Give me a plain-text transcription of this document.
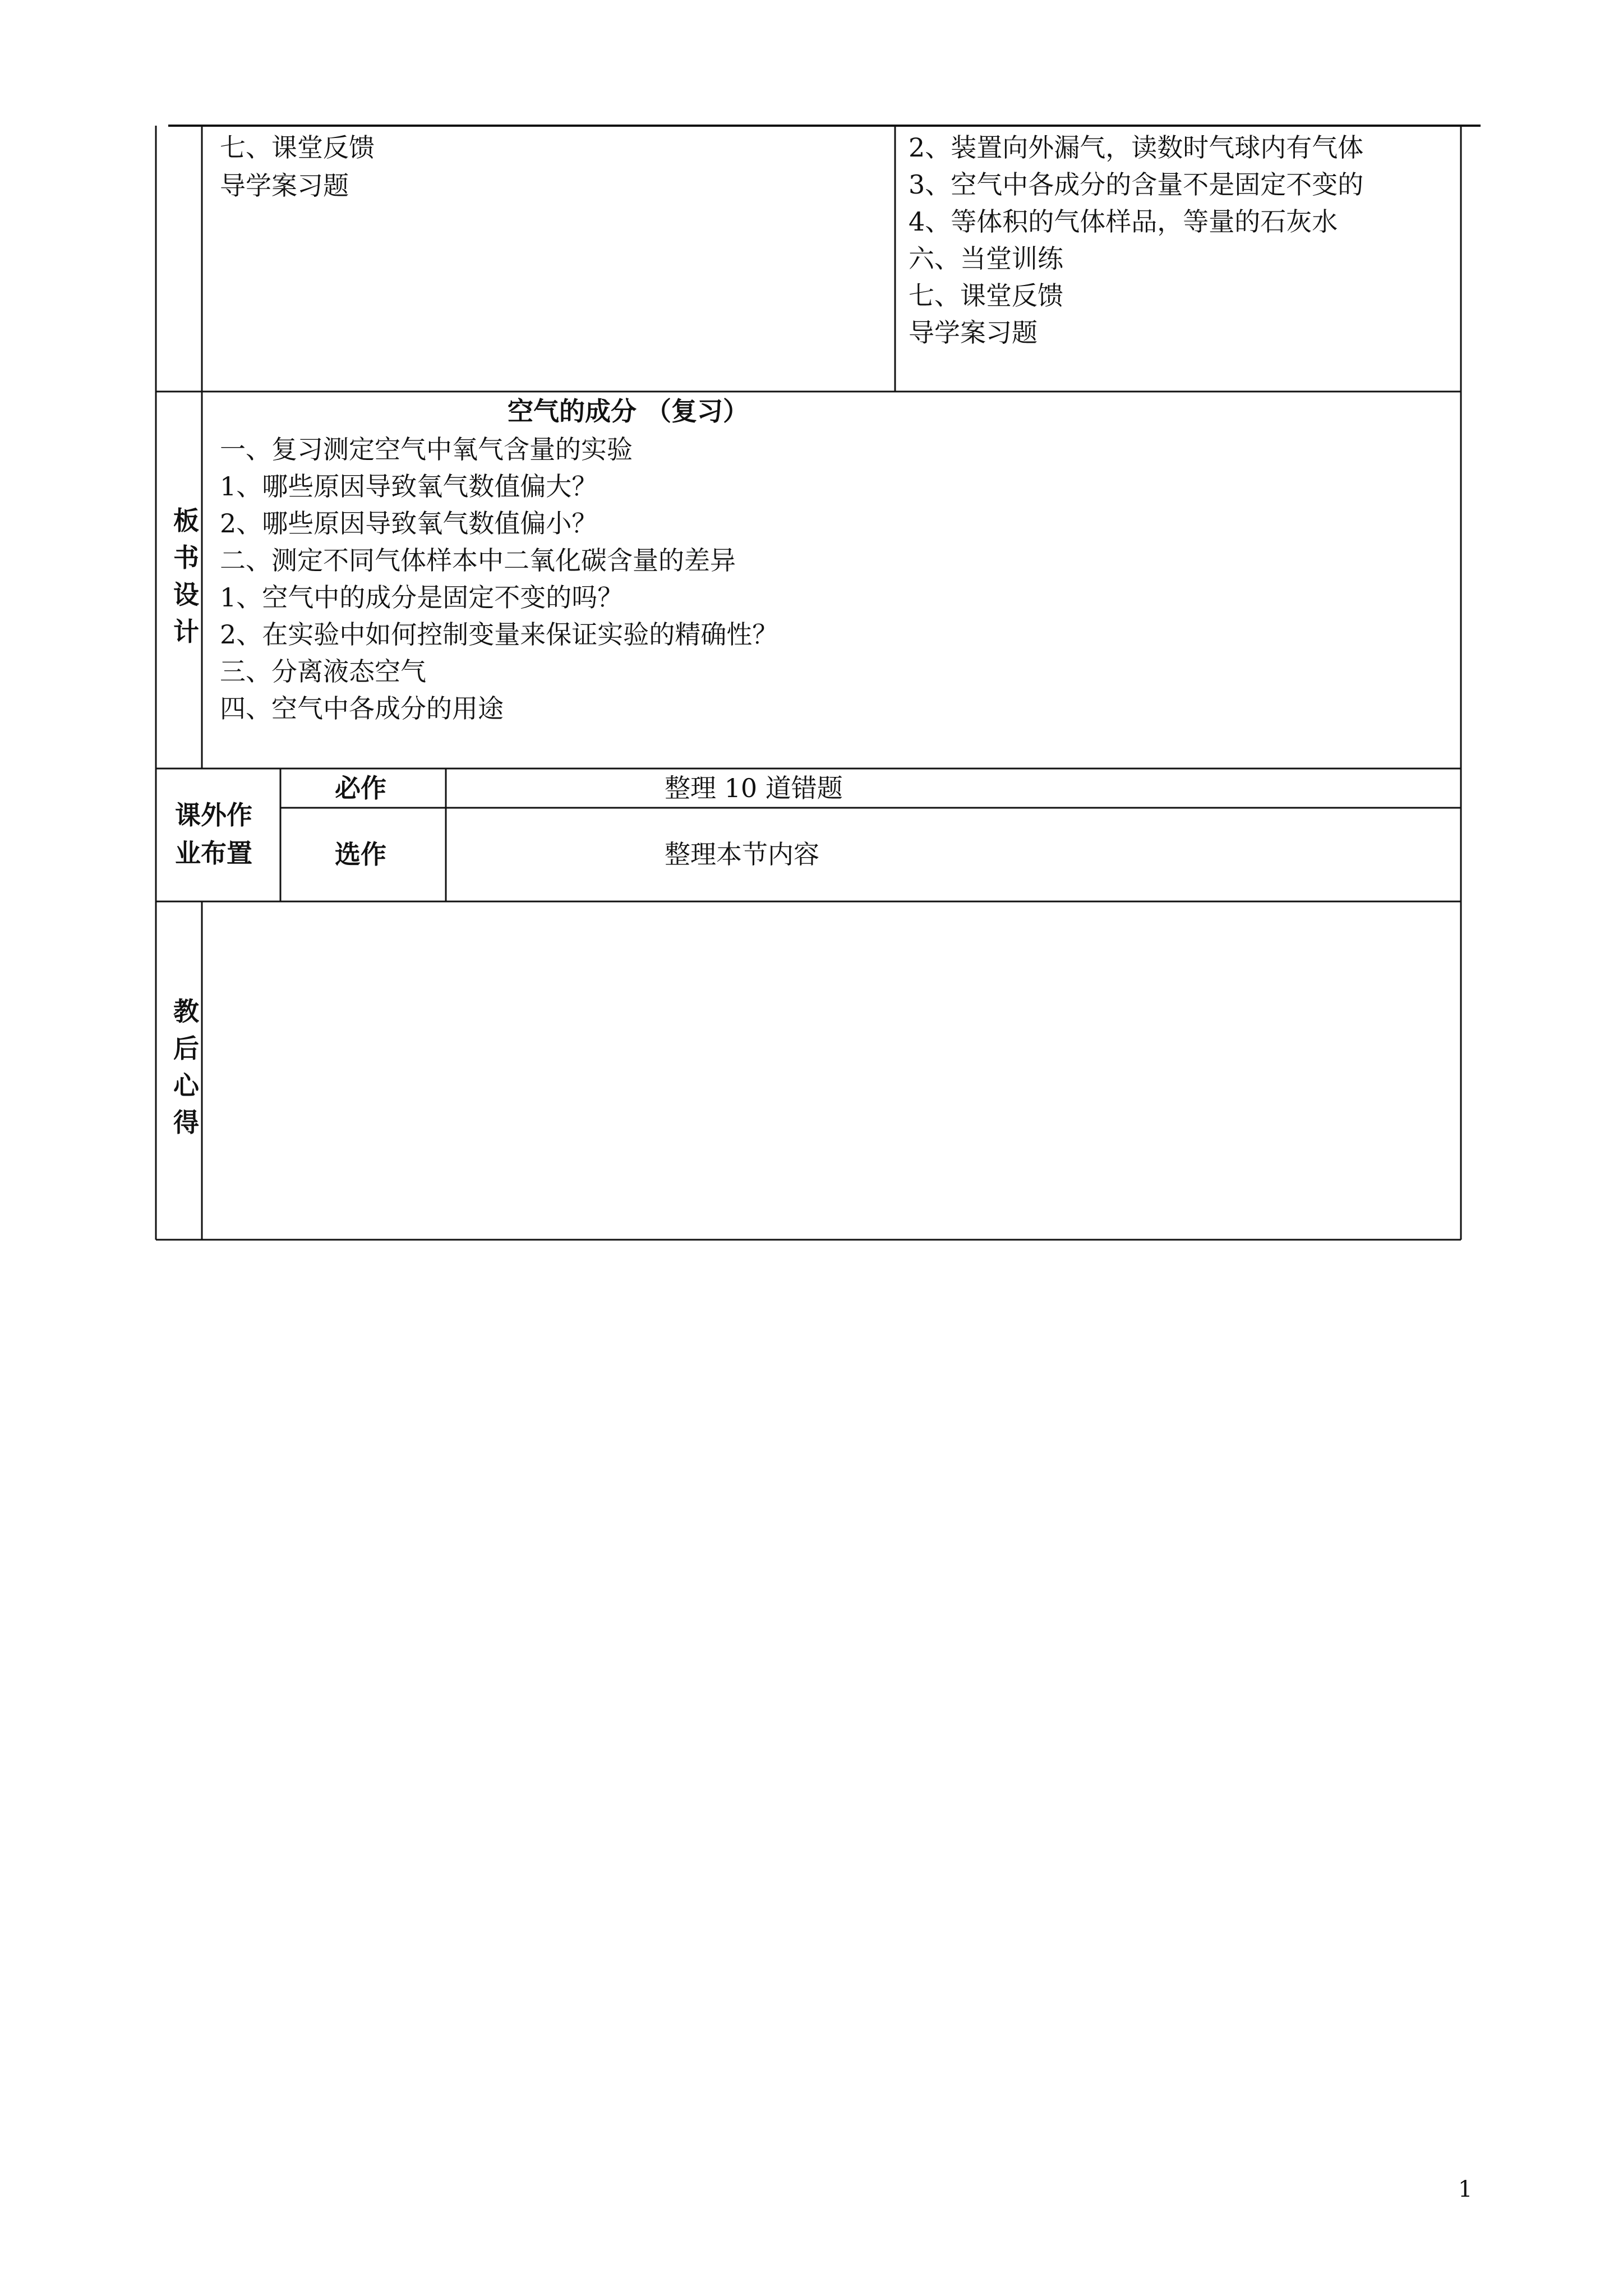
七、课堂反馈
导学案习题
2、装置向外漏气，读数时气球内有气体
3、空气中各成分的含量不是固定不变的
4、等体积的气体样品，等量的石灰水
六、当堂训练
七、课堂反馈
导学案习题
板书设计
空气的成分 （复习）
一、复习测定空气中氧气含量的实验
1、哪些原因导致氧气数值偏大？
2、哪些原因导致氧气数值偏小？
二、测定不同气体样本中二氧化碳含量的差异
1、空气中的成分是固定不变的吗？
2、在实验中如何控制变量来保证实验的精确性？
三、分离液态空气
四、空气中各成分的用途
课外作
业布置
必作	整理 10 道错题
选作	整理本节内容
教后心得
1
